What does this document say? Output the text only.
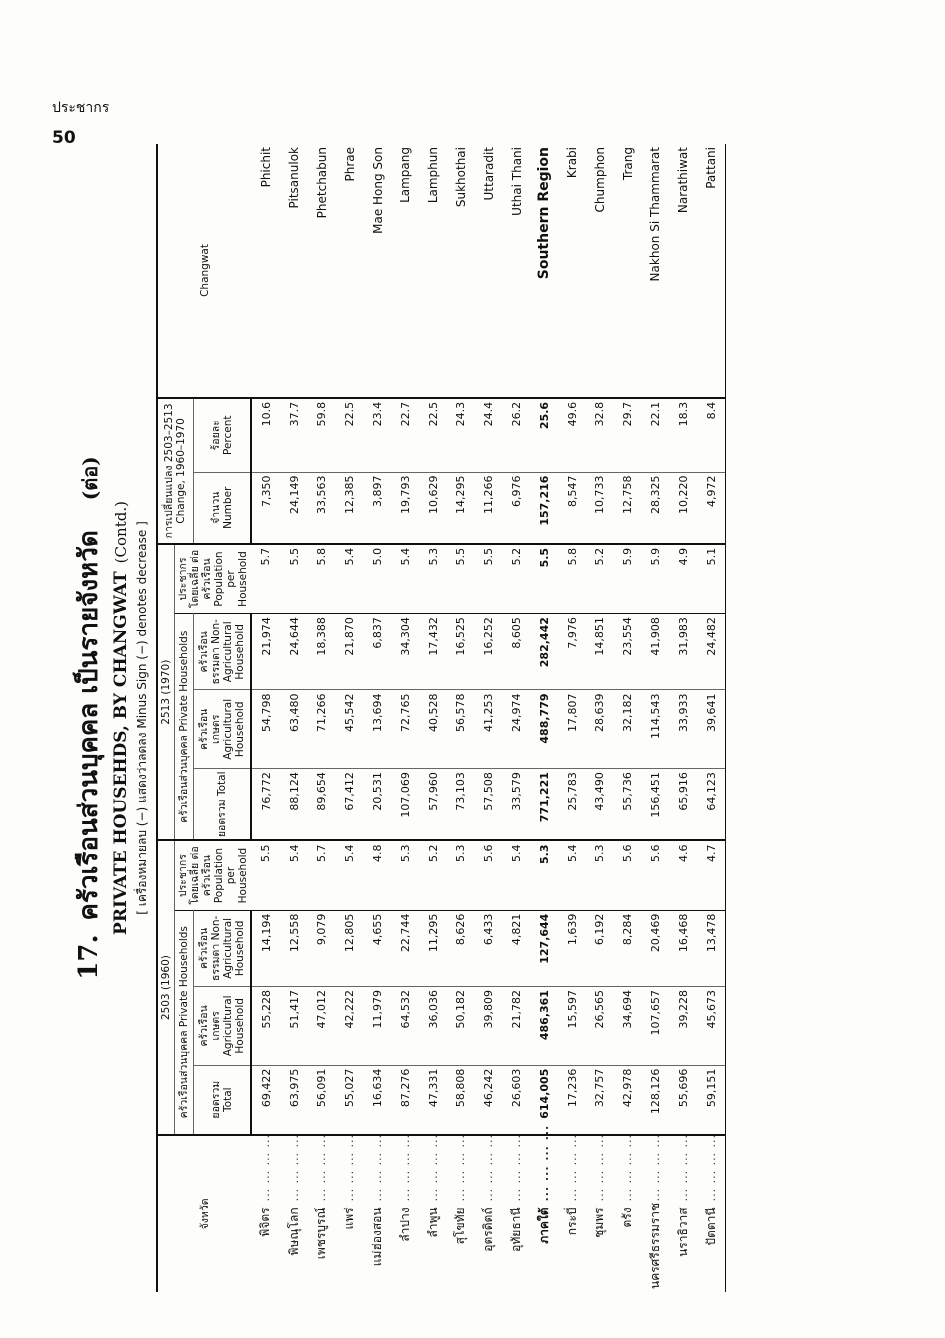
ประชากร
50
17.ครัวเรือนส่วนบุคคล เป็นรายจังหวัด(ต่อ)
PRIVATE HOUSEHDS, BY CHANGWAT(Contd.) [ เครื่องหมายลบ (−) แสดงว่าลดลง Minus Sign (−) denotes decrease ]
จังหวัด		2503 (1960)				2513 (1970)				การเปลี่ยนแปลง 2503–2513 Change, 1960–1970		Changwat
		ครัวเรือนส่วนบุคคล Private Households			ประชากร โดยเฉลี่ย ต่อครัวเรือน Population per Household	ครัวเรือนส่วนบุคคล Private Households			ประชากร โดยเฉลี่ย ต่อครัวเรือน Population per Household			
		ยอดรวม Total	ครัวเรือน เกษตร Agricultural Household	ครัวเรือน ธรรมดา Non- Agricultural Household		ยอดรวม Total	ครัวเรือน เกษตร Agricultural Household	ครัวเรือน ธรรมดา Non- Agricultural Household		จำนวน Number	ร้อยละ Percent	
พิจิตร	... ... ... ...	69,422	55,228	14,194	5.5	76,772	54,798	21,974	5.7	7,350	10.6	Phichit
พิษณุโลก	... ... ... ...	63,975	51,417	12,558	5.4	88,124	63,480	24,644	5.5	24,149	37.7	Pitsanulok
เพชรบูรณ์	... ... ... ...	56,091	47,012	9,079	5.7	89,654	71,266	18,388	5.8	33,563	59.8	Phetchabun
แพร่	... ... ... ...	55,027	42,222	12,805	5.4	67,412	45,542	21,870	5.4	12,385	22.5	Phrae
แม่ฮ่องสอน	... ... ... ...	16,634	11,979	4,655	4.8	20,531	13,694	6,837	5.0	3,897	23.4	Mae Hong Son
ลำปาง	... ... ... ...	87,276	64,532	22,744	5.3	107,069	72,765	34,304	5.4	19,793	22.7	Lampang
ลำพูน	... ... ... ...	47,331	36,036	11,295	5.2	57,960	40,528	17,432	5.3	10,629	22.5	Lamphun
สุโขทัย	... ... ... ...	58,808	50,182	8,626	5.3	73,103	56,578	16,525	5.5	14,295	24.3	Sukhothai
อุตรดิตถ์	... ... ... ...	46,242	39,809	6,433	5.6	57,508	41,253	16,252	5.5	11,266	24.4	Uttaradit
อุทัยธานี	... ... ... ...	26,603	21,782	4,821	5.4	33,579	24,974	8,605	5.2	6,976	26.2	Uthai Thani
ภาคใต้	... ... ... ...	614,005	486,361	127,644	5.3	771,221	488,779	282,442	5.5	157,216	25.6	Southern Region
กระบี่	... ... ... ...	17,236	15,597	1,639	5.4	25,783	17,807	7,976	5.8	8,547	49.6	Krabi
ชุมพร	... ... ... ...	32,757	26,565	6,192	5.3	43,490	28,639	14,851	5.2	10,733	32.8	Chumphon
ตรัง	... ... ... ...	42,978	34,694	8,284	5.6	55,736	32,182	23,554	5.9	12,758	29.7	Trang
นครศรีธรรมราช	... ... ... ...	128,126	107,657	20,469	5.6	156,451	114,543	41,908	5.9	28,325	22.1	Nakhon Si Thammarat
นราธิวาส	... ... ... ...	55,696	39,228	16,468	4.6	65,916	33,933	31,983	4.9	10,220	18.3	Narathiwat
ปัตตานี	... ... ... ...	59,151	45,673	13,478	4.7	64,123	39,641	24,482	5.1	4,972	8.4	Pattani
